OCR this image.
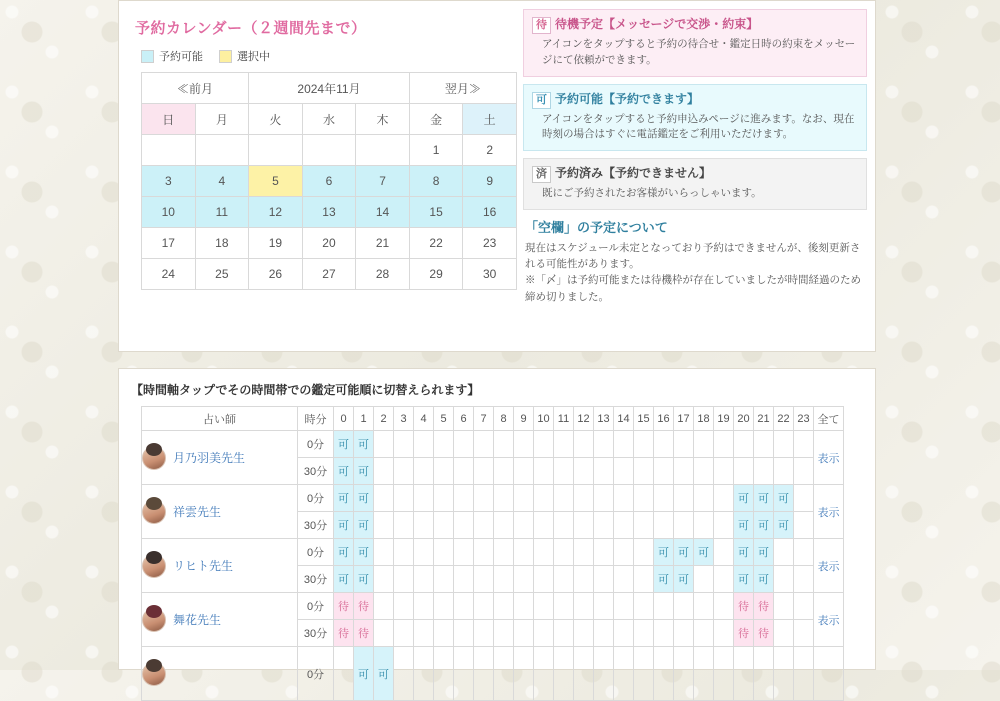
予約カレンダー（２週間先まで）
予約可能	選択中
≪前月		2024年11月			翌月≫	
日	月	火	水	木	金	土
					1	2
3	4	5	6	7	8	9
10	11	12	13	14	15	16
17	18	19	20	21	22	23
24	25	26	27	28	29	30
待 待機予定【メッセージで交渉・約束】
アイコンをタップすると予約の待合せ・鑑定日時の約束をメッセージにて依頼ができます。
可 予約可能【予約できます】
アイコンをタップすると予約申込みページに進みます。なお、現在時刻の場合はすぐに電話鑑定をご利用いただけます。
済 予約済み【予約できません】
既にご予約されたお客様がいらっしゃいます。
「空欄」の予定について
現在はスケジュール未定となっており予約はできませんが、後刻更新される可能性があります。
※「〆」は予約可能または待機枠が存在していましたが時間経過のため締め切りました。
【時間軸タップでその時間帯での鑑定可能順に切替えられます】
占い師	時分	0	1	2	3	4	5	6	7	8	9	10	11	12	13	14	15	16	17	18	19	20	21	22	23	全て

月乃羽美先生	0分	可	可																							表示
	30分	可	可																							

祥雲先生	0分	可	可																			可	可	可		表示
	30分	可	可																			可	可	可		

リヒト先生	0分	可	可															可	可	可		可	可			表示
	30分	可	可															可	可			可	可			

舞花先生	0分	待	待																			待	待			表示
	30分	待	待																			待	待			

	0分		可	可																						
